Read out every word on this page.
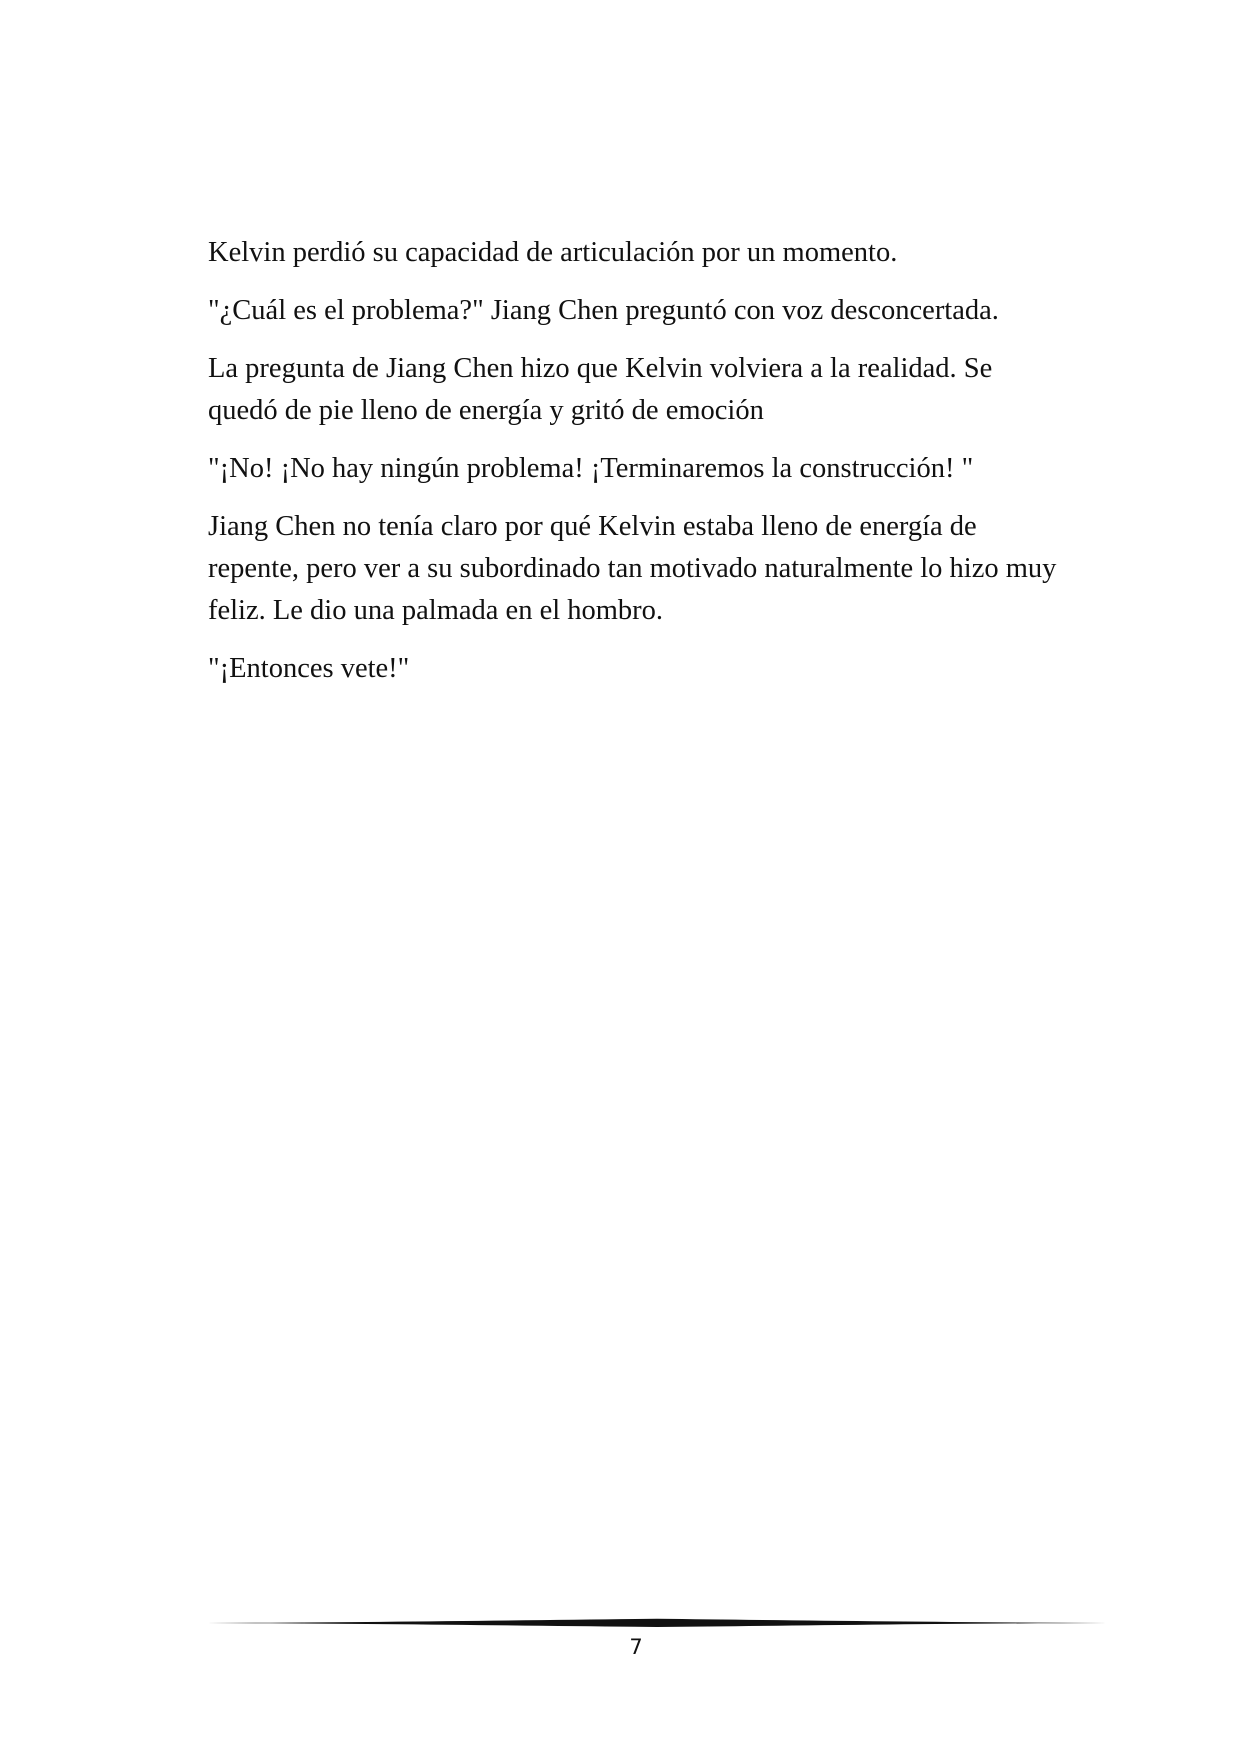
Kelvin perdió su capacidad de articulación por un momento.

"¿Cuál es el problema?" Jiang Chen preguntó con voz desconcertada.

La pregunta de Jiang Chen hizo que Kelvin volviera a la realidad. Se quedó de pie lleno de energía y gritó de emoción

"¡No! ¡No hay ningún problema! ¡Terminaremos la construcción! "

Jiang Chen no tenía claro por qué Kelvin estaba lleno de energía de repente, pero ver a su subordinado tan motivado naturalmente lo hizo muy feliz. Le dio una palmada en el hombro.

"¡Entonces vete!"

7
